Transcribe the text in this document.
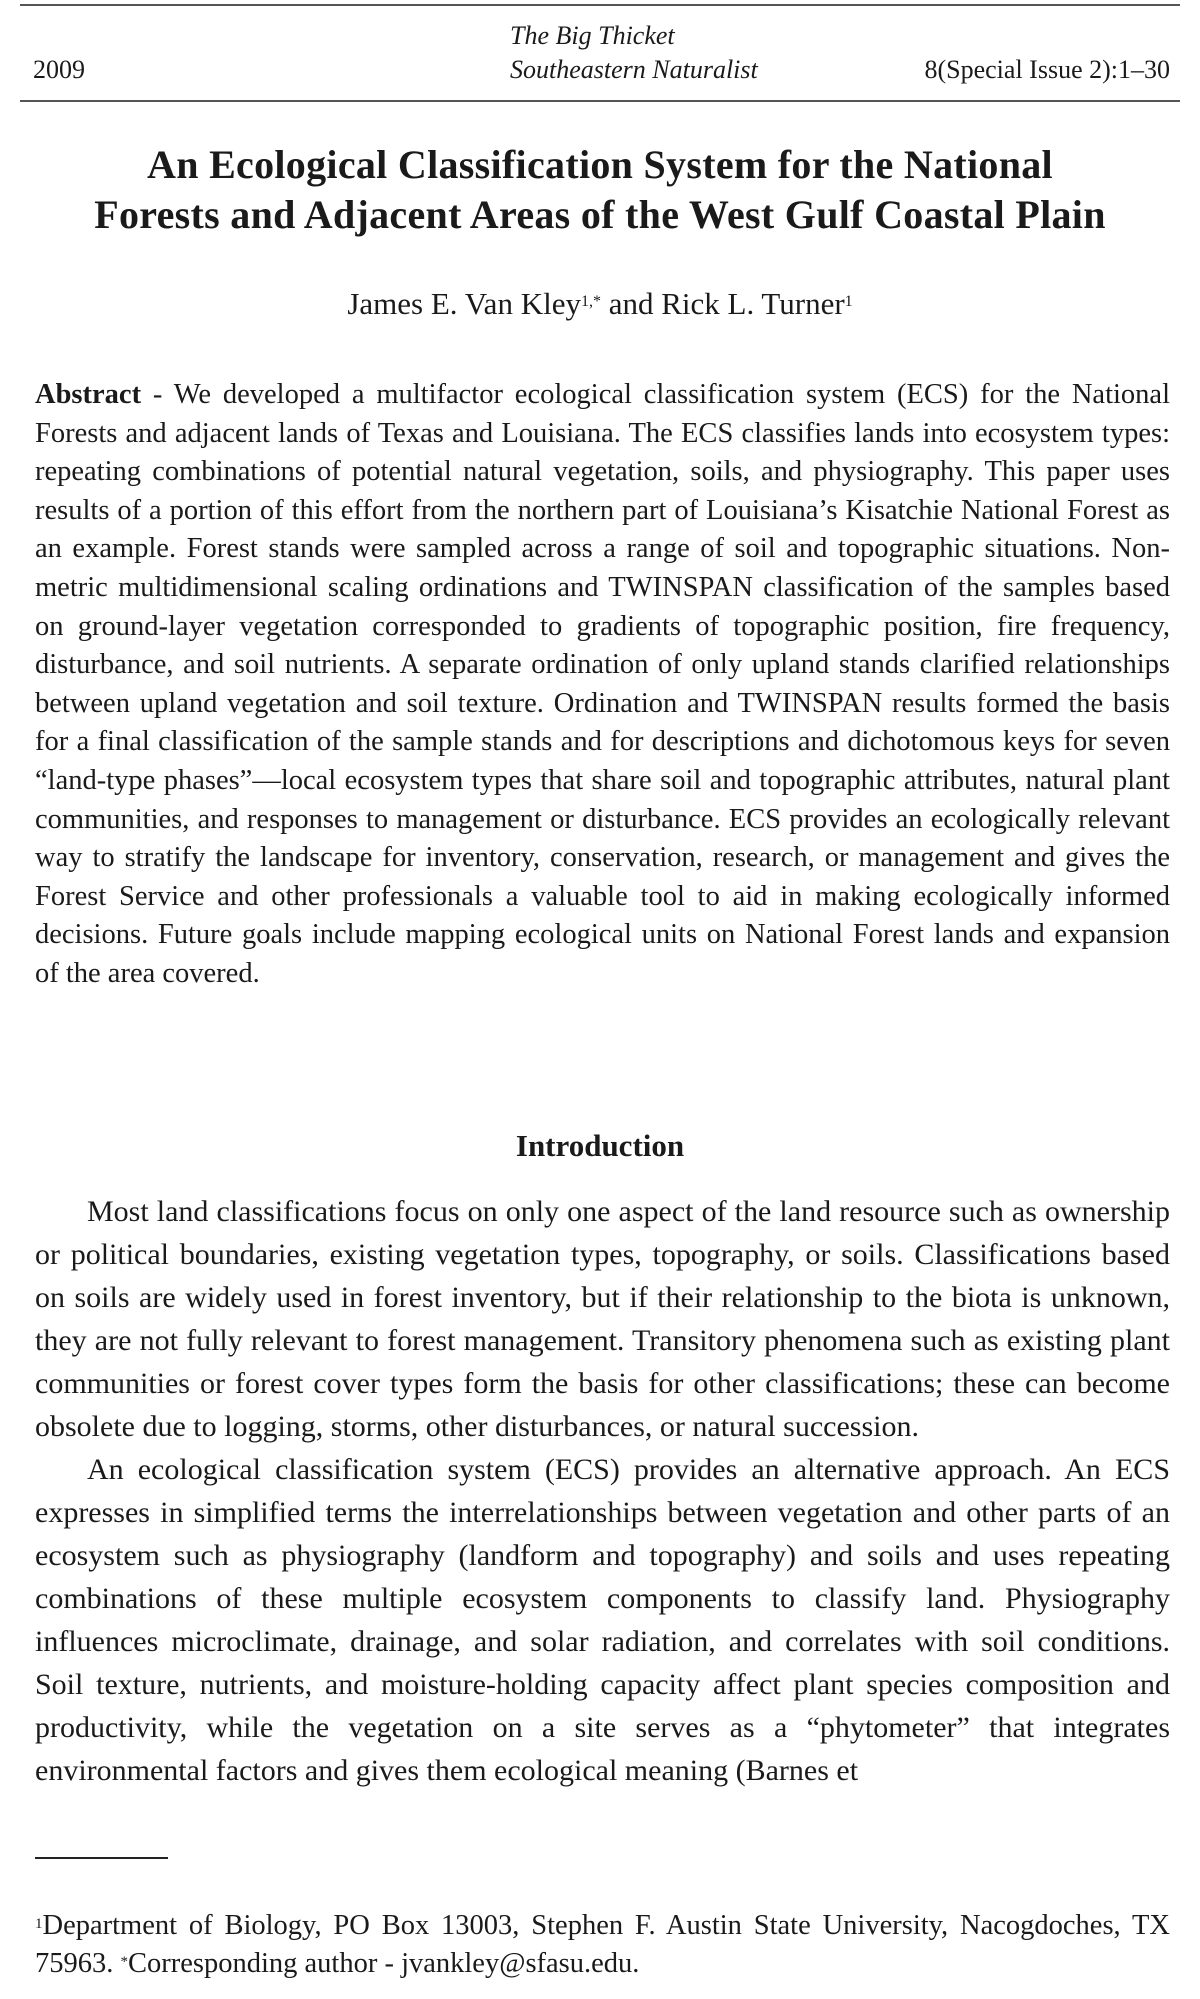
2009
The Big Thicket
Southeastern Naturalist	8(Special Issue 2):1–30
An Ecological Classification System for the National
Forests and Adjacent Areas of the West Gulf Coastal Plain
James E. Van Kley$^{1,*}$ and Rick L. Turner$^1$
Abstract - We developed a multifactor ecological classification system (ECS) for the National Forests and adjacent lands of Texas and Louisiana. The ECS classifies lands into ecosystem types: repeating combinations of potential natural vegetation, soils, and physiography. This paper uses results of a portion of this effort from the northern part of Louisiana’s Kisatchie National Forest as an example. Forest stands were sampled across a range of soil and topographic situations. Non-metric multidimensional scaling ordinations and TWINSPAN classification of the samples based on ground-layer vegetation corresponded to gradients of topographic position, fire frequency, disturbance, and soil nutrients. A separate ordination of only upland stands clarified relationships between upland vegetation and soil texture. Ordination and TWINSPAN results formed the basis for a final classification of the sample stands and for descriptions and dichotomous keys for seven “land-type phases”—local ecosystem types that share soil and topographic attributes, natural plant communities, and responses to management or disturbance. ECS provides an ecologically relevant way to stratify the landscape for inventory, conservation, research, or management and gives the Forest Service and other professionals a valuable tool to aid in making ecologically informed decisions. Future goals include mapping ecological units on National Forest lands and expansion of the area covered.
Introduction

Most land classifications focus on only one aspect of the land resource such as ownership or political boundaries, existing vegetation types, topography, or soils. Classifications based on soils are widely used in forest inventory, but if their relationship to the biota is unknown, they are not fully relevant to forest management. Transitory phenomena such as existing plant communities or forest cover types form the basis for other classifications; these can become obsolete due to logging, storms, other disturbances, or natural succession.

An ecological classification system (ECS) provides an alternative approach. An ECS expresses in simplified terms the interrelationships between vegetation and other parts of an ecosystem such as physiography (landform and topography) and soils and uses repeating combinations of these multiple ecosystem components to classify land. Physiography influences microclimate, drainage, and solar radiation, and correlates with soil conditions. Soil texture, nutrients, and moisture-holding capacity affect plant species composition and productivity, while the vegetation on a site serves as a “phytometer” that integrates environmental factors and gives them ecological meaning (Barnes et

$^1$Department of Biology, PO Box 13003, Stephen F. Austin State University, Nacogdoches, TX 75963. *Corresponding author - jvankley@sfasu.edu.
